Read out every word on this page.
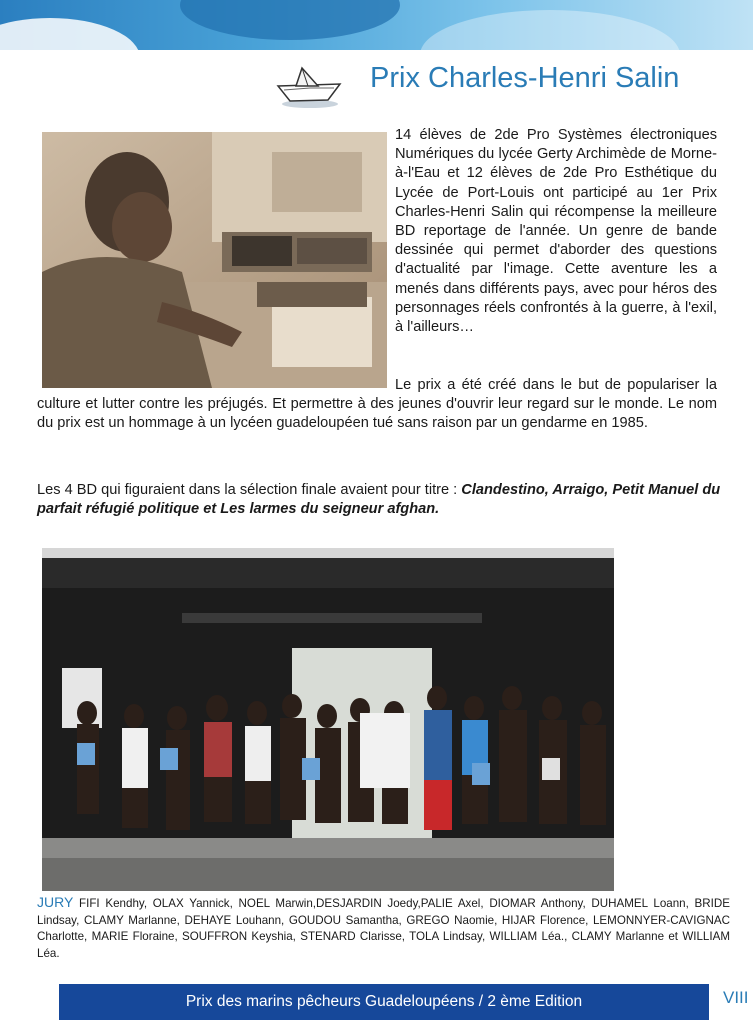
Prix Charles-Henri Salin

14 élèves de 2de Pro Systèmes électroniques Numériques du lycée Gerty Archimède de Morne-à-l'Eau et 12 élèves de 2de Pro Esthétique du Lycée de Port-Louis ont participé au 1er Prix Charles-Henri Salin qui récompense la meilleure BD reportage de l'année. Un genre de bande dessinée qui permet d'aborder des questions d'actualité par l'image. Cette aventure les a menés dans différents pays, avec pour héros des personnages réels confrontés à la guerre, à l'exil, à l'ailleurs…

Le prix a été créé dans le but de populariser la culture et lutter contre les préjugés. Et permettre à des jeunes d'ouvrir leur regard sur le monde. Le nom du prix est un hommage à un lycéen guadeloupéen tué sans raison par un gendarme en 1985.

Les 4 BD qui figuraient dans la sélection finale avaient pour titre : Clandestino, Arraigo, Petit Manuel du parfait réfugié politique et Les larmes du seigneur afghan.

JURY FIFI Kendhy, OLAX Yannick, NOEL Marwin,DESJARDIN Joedy,PALIE Axel, DIOMAR Anthony, DUHAMEL Loann, BRIDE Lindsay, CLAMY Marlanne, DEHAYE Louhann, GOUDOU Samantha, GREGO Naomie, HIJAR Florence, LEMONNYER-CAVIGNAC Charlotte, MARIE Floraine, SOUFFRON Keyshia, STENARD Clarisse, TOLA Lindsay, WILLIAM Léa., CLAMY Marlanne et WILLIAM Léa.

Prix des marins pêcheurs Guadeloupéens / 2 ème Edition	VIII
